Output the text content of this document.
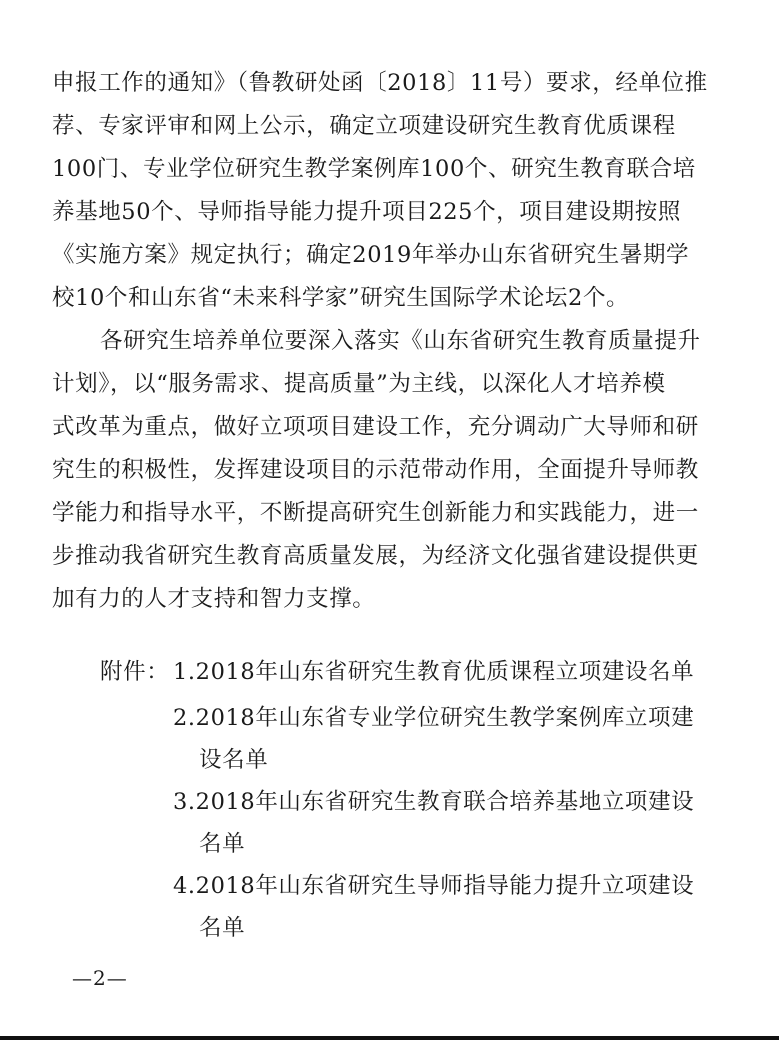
申报工作的通知》（鲁教研处函〔2018〕11号）要求，经单位推
荐、专家评审和网上公示，确定立项建设研究生教育优质课程
100门、专业学位研究生教学案例库100个、研究生教育联合培
养基地50个、导师指导能力提升项目225个，项目建设期按照
《实施方案》规定执行；确定2019年举办山东省研究生暑期学
校10个和山东省“未来科学家”研究生国际学术论坛2个。
各研究生培养单位要深入落实《山东省研究生教育质量提升
计划》，以“服务需求、提高质量”为主线，以深化人才培养模
式改革为重点，做好立项项目建设工作，充分调动广大导师和研
究生的积极性，发挥建设项目的示范带动作用，全面提升导师教
学能力和指导水平，不断提高研究生创新能力和实践能力，进一
步推动我省研究生教育高质量发展，为经济文化强省建设提供更
加有力的人才支持和智力支撑。
附件： 1.2018年山东省研究生教育优质课程立项建设名单
2.2018年山东省专业学位研究生教学案例库立项建
设名单
3.2018年山东省研究生教育联合培养基地立项建设
名单
4.2018年山东省研究生导师指导能力提升立项建设
名单
—2—
